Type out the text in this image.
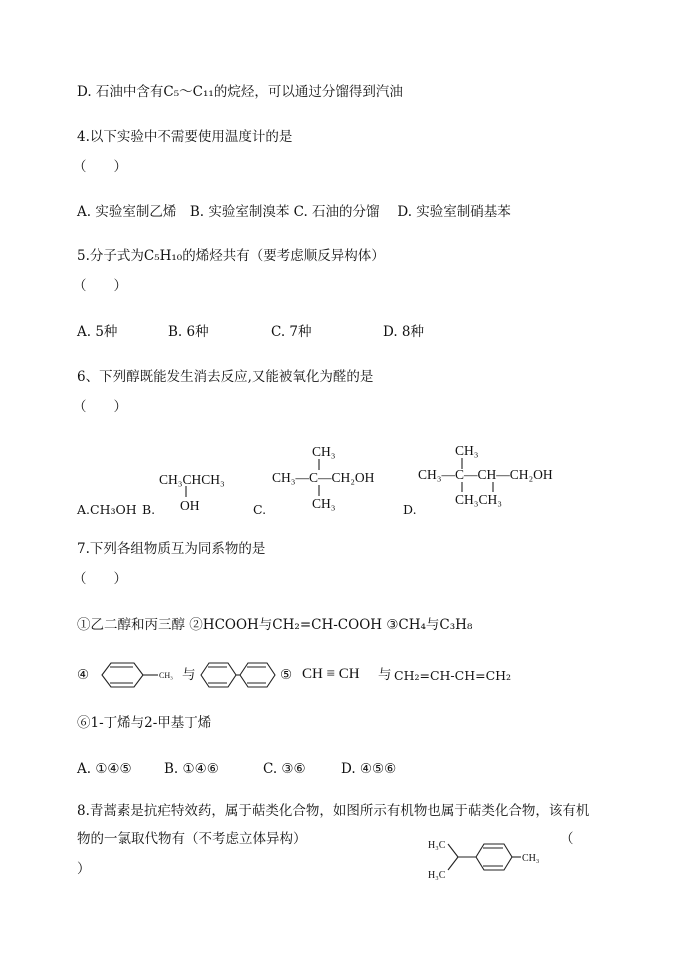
D. 石油中含有C₅～C₁₁的烷烃，可以通过分馏得到汽油
4.以下实验中不需要使用温度计的是
（　　）
A. 实验室制乙烯　B. 实验室制溴苯 C. 石油的分馏　 D. 实验室制硝基苯
5.分子式为C₅H₁₀的烯烃共有（要考虑顺反异构体）
（　　）
A. 5种	B. 6种	C. 7种	D. 8种
6、下列醇既能发生消去反应,又能被氧化为醛的是
（　　）
A.CH₃OH B.
CH₃CHCH₃
OH	C.
CH₃
CH₃—C—CH₂OH
CH₃	D.
CH₃
CH₃—C—CH—CH₂OH
CH₃CH₃
7.下列各组物质互为同系物的是
（　　）
①乙二醇和丙三醇 ②HCOOH与CH₂=CH-COOH ③CH₄与C₃H₈
④	CH₃ 与	⑤ CH ≡ CH 与 CH₂=CH-CH=CH₂
⑥1-丁烯与2-甲基丁烯
A. ①④⑤ B. ①④⑥	C. ③⑥	D. ④⑤⑥
8.青蒿素是抗疟特效药，属于萜类化合物，如图所示有机物也属于萜类化合物，该有机
物的一氯取代物有（不考虑立体异构）	（
）
H₃C
H₃C
CH₃
